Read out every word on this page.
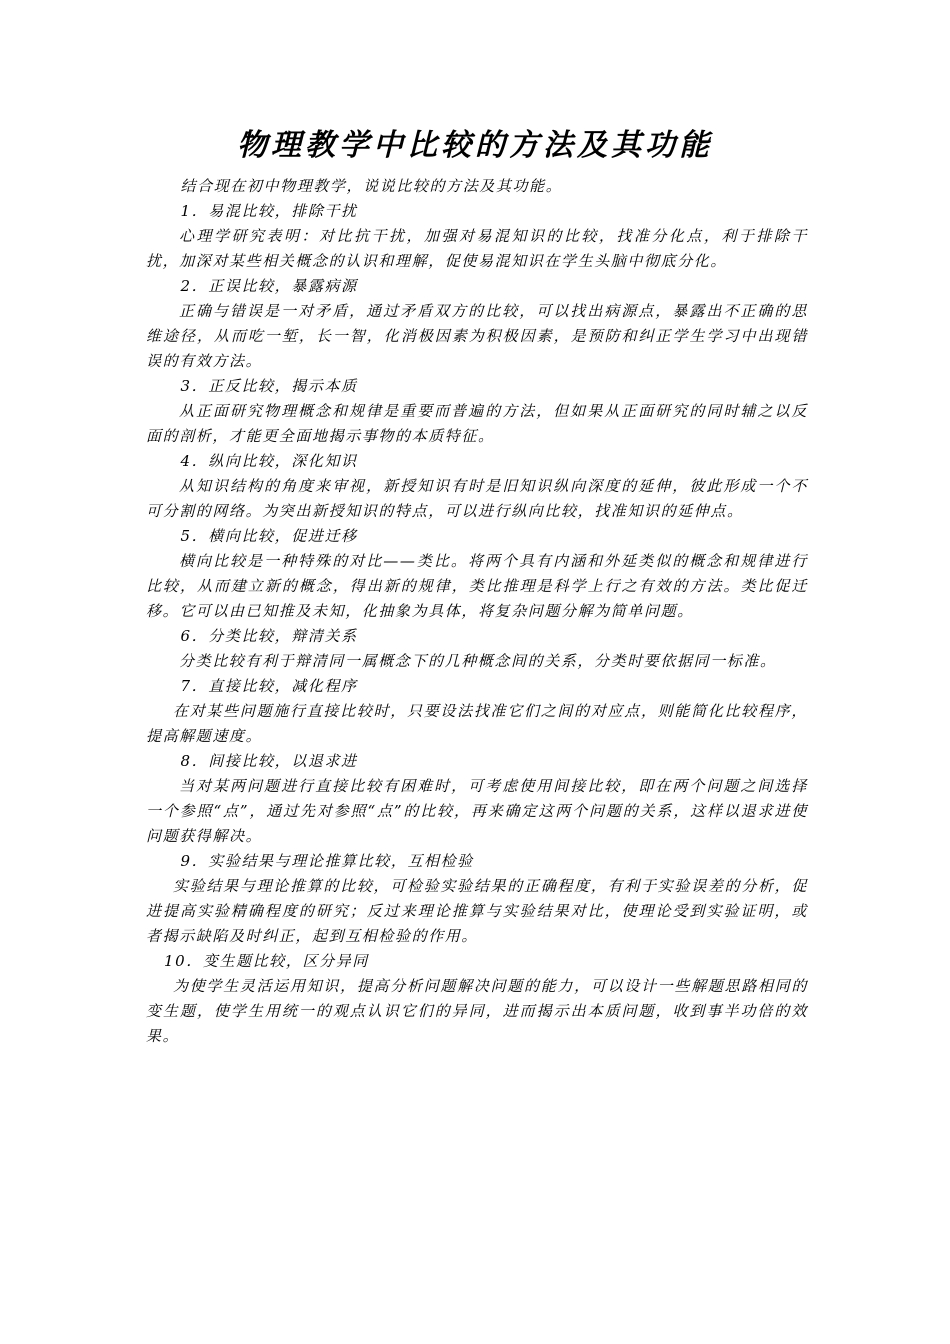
物理教学中比较的方法及其功能

结合现在初中物理教学，说说比较的方法及其功能。

1．易混比较，排除干扰

心理学研究表明：对比抗干扰，加强对易混知识的比较，找准分化点，利于排除干扰，加深对某些相关概念的认识和理解，促使易混知识在学生头脑中彻底分化。

2．正误比较，暴露病源

正确与错误是一对矛盾，通过矛盾双方的比较，可以找出病源点，暴露出不正确的思维途径，从而吃一堑，长一智，化消极因素为积极因素，是预防和纠正学生学习中出现错误的有效方法。

3．正反比较，揭示本质

从正面研究物理概念和规律是重要而普遍的方法，但如果从正面研究的同时辅之以反面的剖析，才能更全面地揭示事物的本质特征。

4．纵向比较，深化知识

从知识结构的角度来审视，新授知识有时是旧知识纵向深度的延伸，彼此形成一个不可分割的网络。为突出新授知识的特点，可以进行纵向比较，找准知识的延伸点。

5．横向比较，促进迁移

横向比较是一种特殊的对比——类比。将两个具有内涵和外延类似的概念和规律进行比较，从而建立新的概念，得出新的规律，类比推理是科学上行之有效的方法。类比促迁移。它可以由已知推及未知，化抽象为具体，将复杂问题分解为简单问题。

6．分类比较，辩清关系

分类比较有利于辩清同一属概念下的几种概念间的关系，分类时要依据同一标准。

7．直接比较，减化程序

在对某些问题施行直接比较时，只要设法找准它们之间的对应点，则能简化比较程序，提高解题速度。

8．间接比较，以退求进

当对某两问题进行直接比较有困难时，可考虑使用间接比较，即在两个问题之间选择一个参照“点”，通过先对参照“点”的比较，再来确定这两个问题的关系，这样以退求进使问题获得解决。

9．实验结果与理论推算比较，互相检验

实验结果与理论推算的比较，可检验实验结果的正确程度，有利于实验误差的分析，促进提高实验精确程度的研究；反过来理论推算与实验结果对比，使理论受到实验证明，或者揭示缺陷及时纠正，起到互相检验的作用。

10．变生题比较，区分异同

为使学生灵活运用知识，提高分析问题解决问题的能力，可以设计一些解题思路相同的变生题，使学生用统一的观点认识它们的异同，进而揭示出本质问题，收到事半功倍的效果。
